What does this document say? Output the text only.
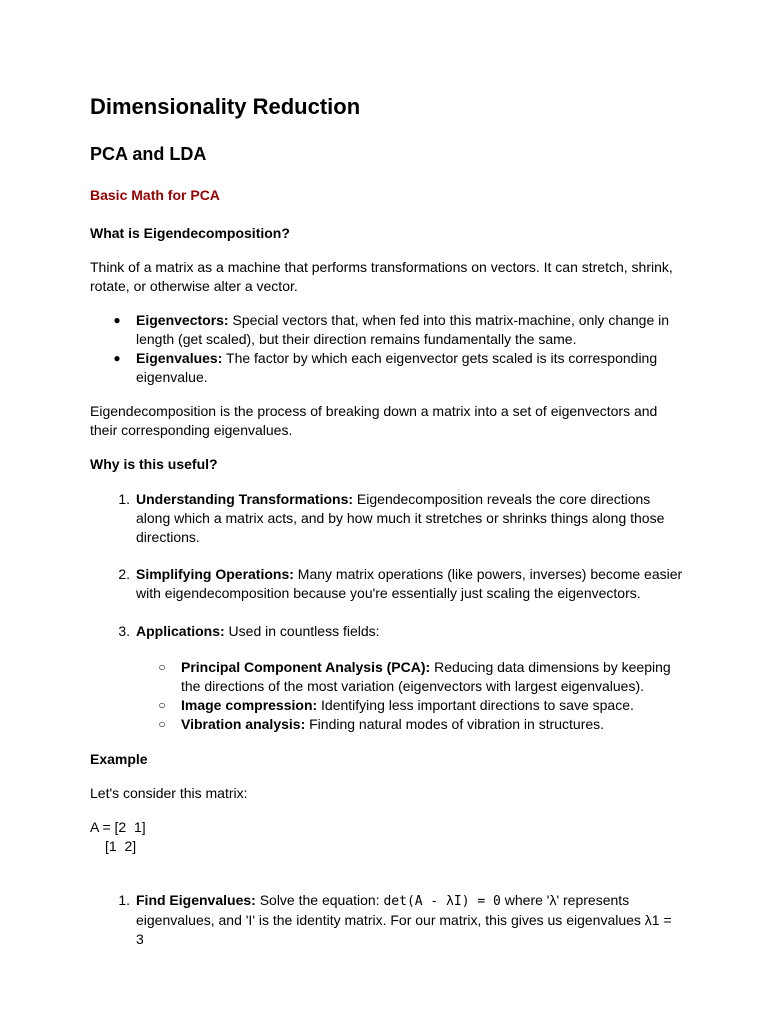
Dimensionality Reduction
PCA and LDA
Basic Math for PCA

What is Eigendecomposition?

Think of a matrix as a machine that performs transformations on vectors. It can stretch, shrink, rotate, or otherwise alter a vector.

● Eigenvectors: Special vectors that, when fed into this matrix-machine, only change in length (get scaled), but their direction remains fundamentally the same.
● Eigenvalues: The factor by which each eigenvector gets scaled is its corresponding eigenvalue.

Eigendecomposition is the process of breaking down a matrix into a set of eigenvectors and their corresponding eigenvalues.

Why is this useful?

1. Understanding Transformations: Eigendecomposition reveals the core directions along which a matrix acts, and by how much it stretches or shrinks things along those directions.
2. Simplifying Operations: Many matrix operations (like powers, inverses) become easier with eigendecomposition because you're essentially just scaling the eigenvectors.
3. Applications: Used in countless fields:
○ Principal Component Analysis (PCA): Reducing data dimensions by keeping the directions of the most variation (eigenvectors with largest eigenvalues).
○ Image compression: Identifying less important directions to save space.
○ Vibration analysis: Finding natural modes of vibration in structures.

Example

Let's consider this matrix:

A = [2  1]

[1  2]

1. Find Eigenvalues: Solve the equation: det(A - λI) = 0 where 'λ' represents eigenvalues, and 'I' is the identity matrix. For our matrix, this gives us eigenvalues λ1 = 3
